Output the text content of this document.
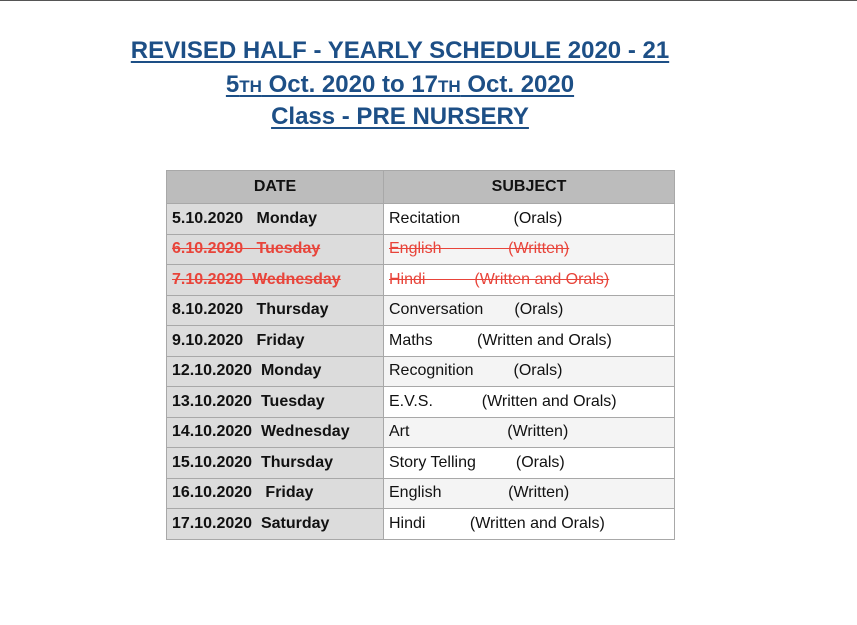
REVISED HALF - YEARLY SCHEDULE 2020 - 21
5TH Oct. 2020 to 17TH Oct. 2020
Class - PRE NURSERY
DATE	SUBJECT
5.10.2020   Monday	Recitation            (Orals)
6.10.2020   Tuesday	English               (Written)
7.10.2020  Wednesday	Hindi           (Written and Orals)
8.10.2020   Thursday	Conversation       (Orals)
9.10.2020   Friday	Maths          (Written and Orals)
12.10.2020  Monday	Recognition         (Orals)
13.10.2020  Tuesday	E.V.S.           (Written and Orals)
14.10.2020  Wednesday	Art                      (Written)
15.10.2020  Thursday	Story Telling         (Orals)
16.10.2020   Friday	English               (Written)
17.10.2020  Saturday	Hindi          (Written and Orals)
